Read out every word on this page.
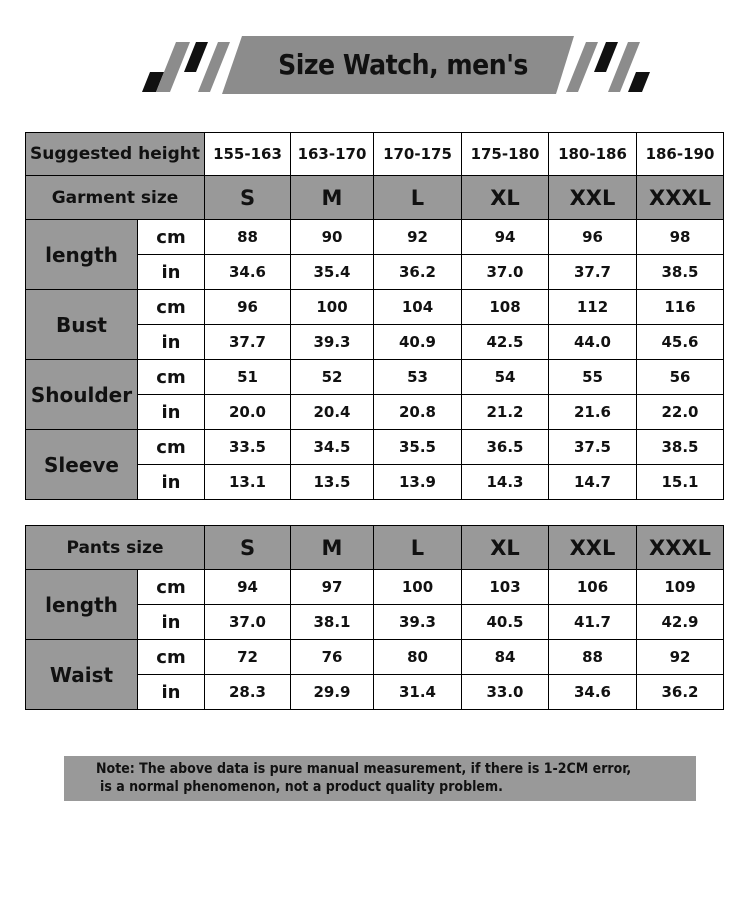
Size Watch, men's
Suggested height		155-163	163-170	170-175	175-180	180-186	186-190
Garment size		S	M	L	XL	XXL	XXXL
length	cm	88	90	92	94	96	98
	in	34.6	35.4	36.2	37.0	37.7	38.5
Bust	cm	96	100	104	108	112	116
	in	37.7	39.3	40.9	42.5	44.0	45.6
Shoulder	cm	51	52	53	54	55	56
	in	20.0	20.4	20.8	21.2	21.6	22.0
Sleeve	cm	33.5	34.5	35.5	36.5	37.5	38.5
	in	13.1	13.5	13.9	14.3	14.7	15.1
Pants size		S	M	L	XL	XXL	XXXL
length	cm	94	97	100	103	106	109
	in	37.0	38.1	39.3	40.5	41.7	42.9
Waist	cm	72	76	80	84	88	92
	in	28.3	29.9	31.4	33.0	34.6	36.2
Note: The above data is pure manual measurement, if there is 1-2CM error,
is a normal phenomenon, not a product quality problem.
